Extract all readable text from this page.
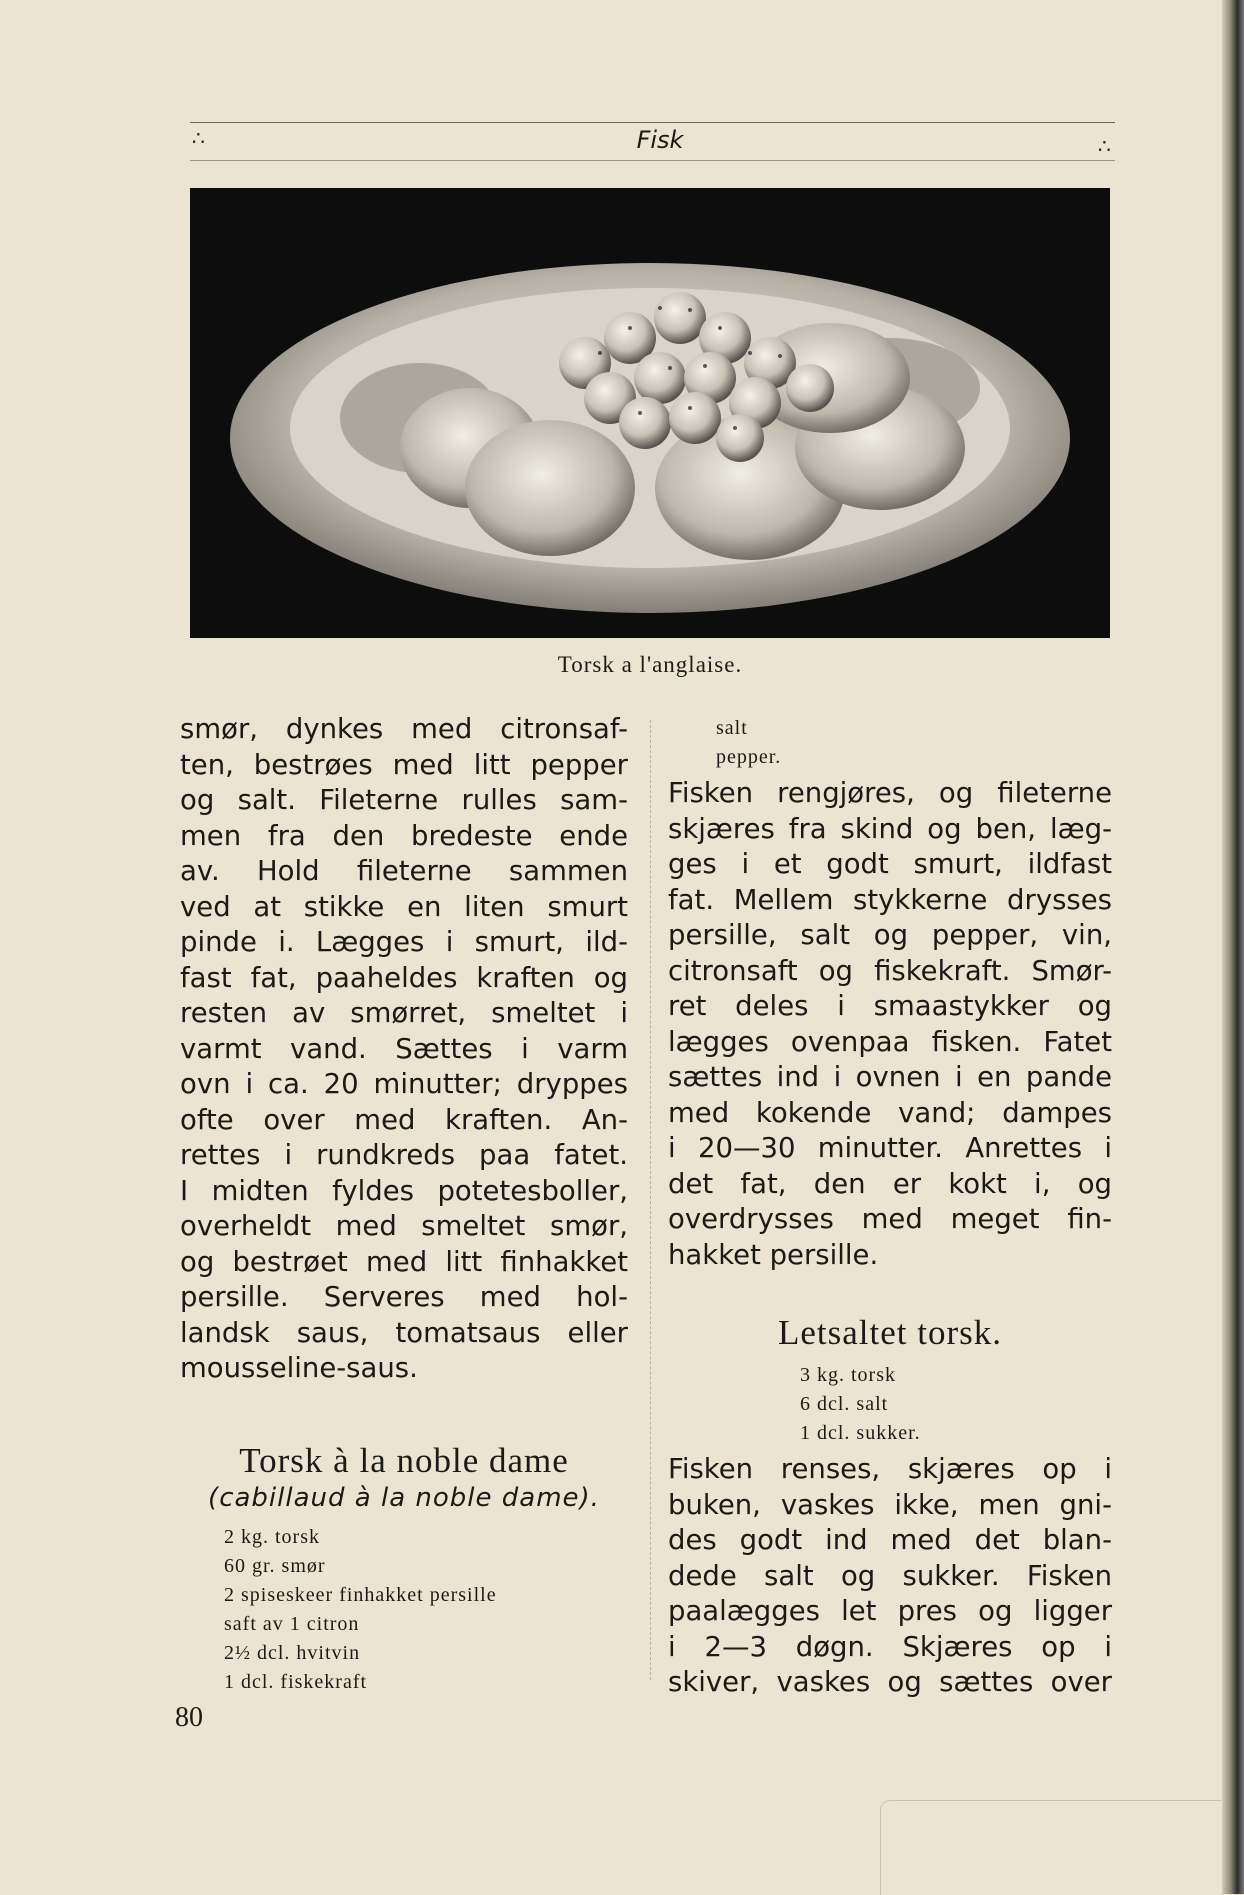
∴	Fisk	∴
Torsk a l'anglaise.
smør, dynkes med citronsaf-
ten, bestrøes med litt pepper
og salt. Fileterne rulles sam-
men fra den bredeste ende
av. Hold fileterne sammen
ved at stikke en liten smurt
pinde i. Lægges i smurt, ild-
fast fat, paaheldes kraften og
resten av smørret, smeltet i
varmt vand. Sættes i varm
ovn i ca. 20 minutter; dryppes
ofte over med kraften. An-
rettes i rundkreds paa fatet.
I midten fyldes potetesboller,
overheldt med smeltet smør,
og bestrøet med litt finhakket
persille. Serveres med hol-
landsk saus, tomatsaus eller
mousseline-saus.
Torsk à la noble dame
(cabillaud à la noble dame).
2 kg. torsk
60 gr. smør
2 spiseskeer finhakket persille
saft av 1 citron
2½ dcl. hvitvin
1 dcl. fiskekraft
salt
pepper.
Fisken rengjøres, og fileterne
skjæres fra skind og ben, læg-
ges i et godt smurt, ildfast
fat. Mellem stykkerne drysses
persille, salt og pepper, vin,
citronsaft og fiskekraft. Smør-
ret deles i smaastykker og
lægges ovenpaa fisken. Fatet
sættes ind i ovnen i en pande
med kokende vand; dampes
i 20—30 minutter. Anrettes i
det fat, den er kokt i, og
overdrysses med meget fin-
hakket persille.
Letsaltet torsk.
3 kg. torsk
6 dcl. salt
1 dcl. sukker.
Fisken renses, skjæres op i
buken, vaskes ikke, men gni-
des godt ind med det blan-
dede salt og sukker. Fisken
paalægges let pres og ligger
i 2—3 døgn. Skjæres op i
skiver, vaskes og sættes over
80
